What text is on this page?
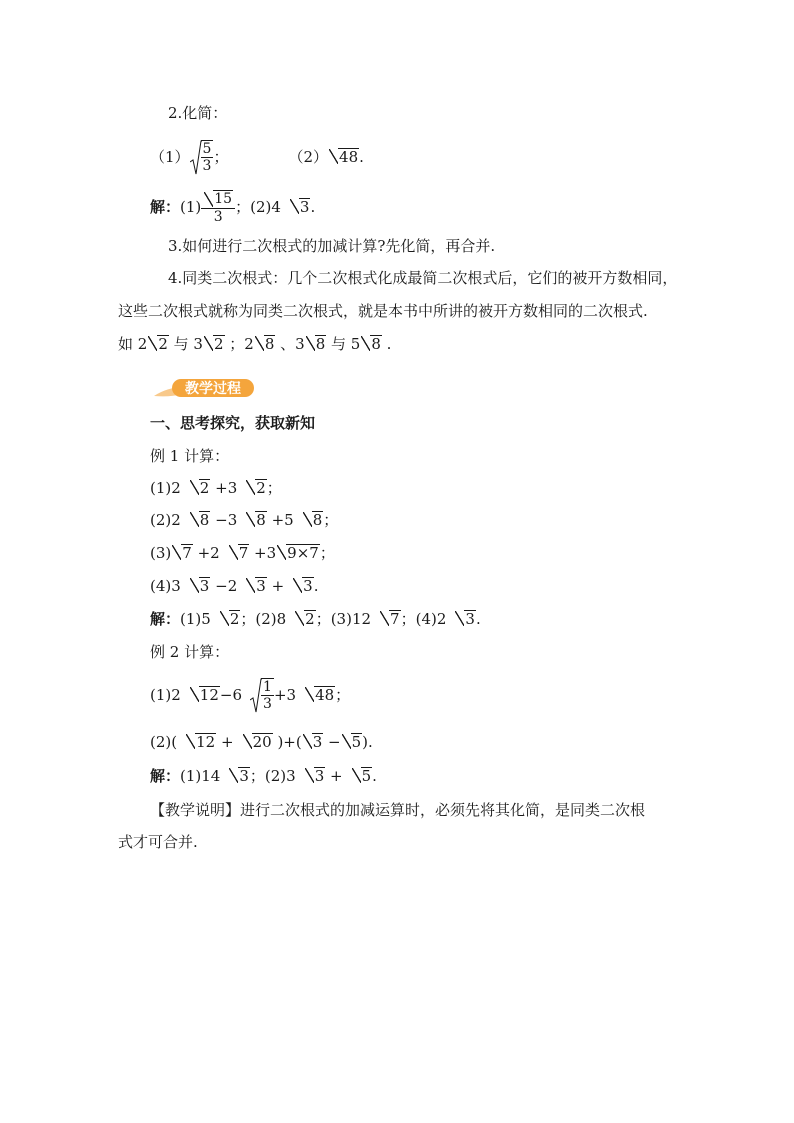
2.化简：
$(1) \frac{5}{3}$ ；	（2） 48 .
解： $(1) \frac{15}{3}$ ； (2)4	3 .
3.如何进行二次根式的加减计算?先化简，再合并.
4.同类二次根式：几个二次根式化成最简二次根式后，它们的被开方数相同，
这些二次根式就称为同类二次根式，就是本书中所讲的被开方数相同的二次根式.
如 2 2 与 3 2 ；2 8 、3 8 与 5 8 .
教学过程
一、思考探究，获取新知
例 1 计算：
(1)2 2 +3 2；
(2)2 8 −3 8 +5 8；
(3) 7 +2 7 +3 9×7；
(4)3 3 −2 3 + 3.
解：(1)5 2；(2)8 2；(3)12 7；(4)2 3.
例 2 计算：
(1)2	$12 -6 \frac{1}{3} +3$	48 ；
(2)( 12 + 20 )+( 3 − 5).
解：(1)14 3；(2)3 3 + 5.
【教学说明】进行二次根式的加减运算时，必须先将其化简，是同类二次根
式才可合并.
